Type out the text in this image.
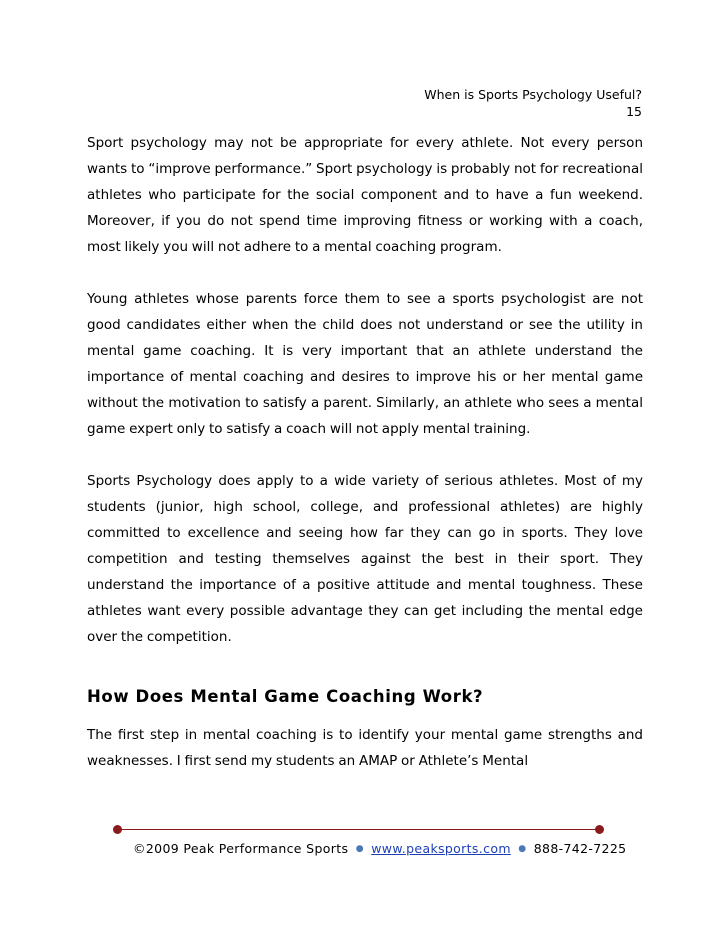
When is Sports Psychology Useful?
15

Sport psychology may not be appropriate for every athlete. Not every person wants to “improve performance.” Sport psychology is probably not for recreational athletes who participate for the social component and to have a fun weekend. Moreover, if you do not spend time improving fitness or working with a coach, most likely you will not adhere to a mental coaching program.

Young athletes whose parents force them to see a sports psychologist are not good candidates either when the child does not understand or see the utility in mental game coaching. It is very important that an athlete understand the importance of mental coaching and desires to improve his or her mental game without the motivation to satisfy a parent. Similarly, an athlete who sees a mental game expert only to satisfy a coach will not apply mental training.

Sports Psychology does apply to a wide variety of serious athletes. Most of my students (junior, high school, college, and professional athletes) are highly committed to excellence and seeing how far they can go in sports. They love competition and testing themselves against the best in their sport. They understand the importance of a positive attitude and mental toughness. These athletes want every possible advantage they can get including the mental edge over the competition.

How Does Mental Game Coaching Work?

The first step in mental coaching is to identify your mental game strengths and weaknesses. I first send my students an AMAP or Athlete’s Mental

©2009 Peak Performance Sports ● www.peaksports.com ● 888-742-7225
